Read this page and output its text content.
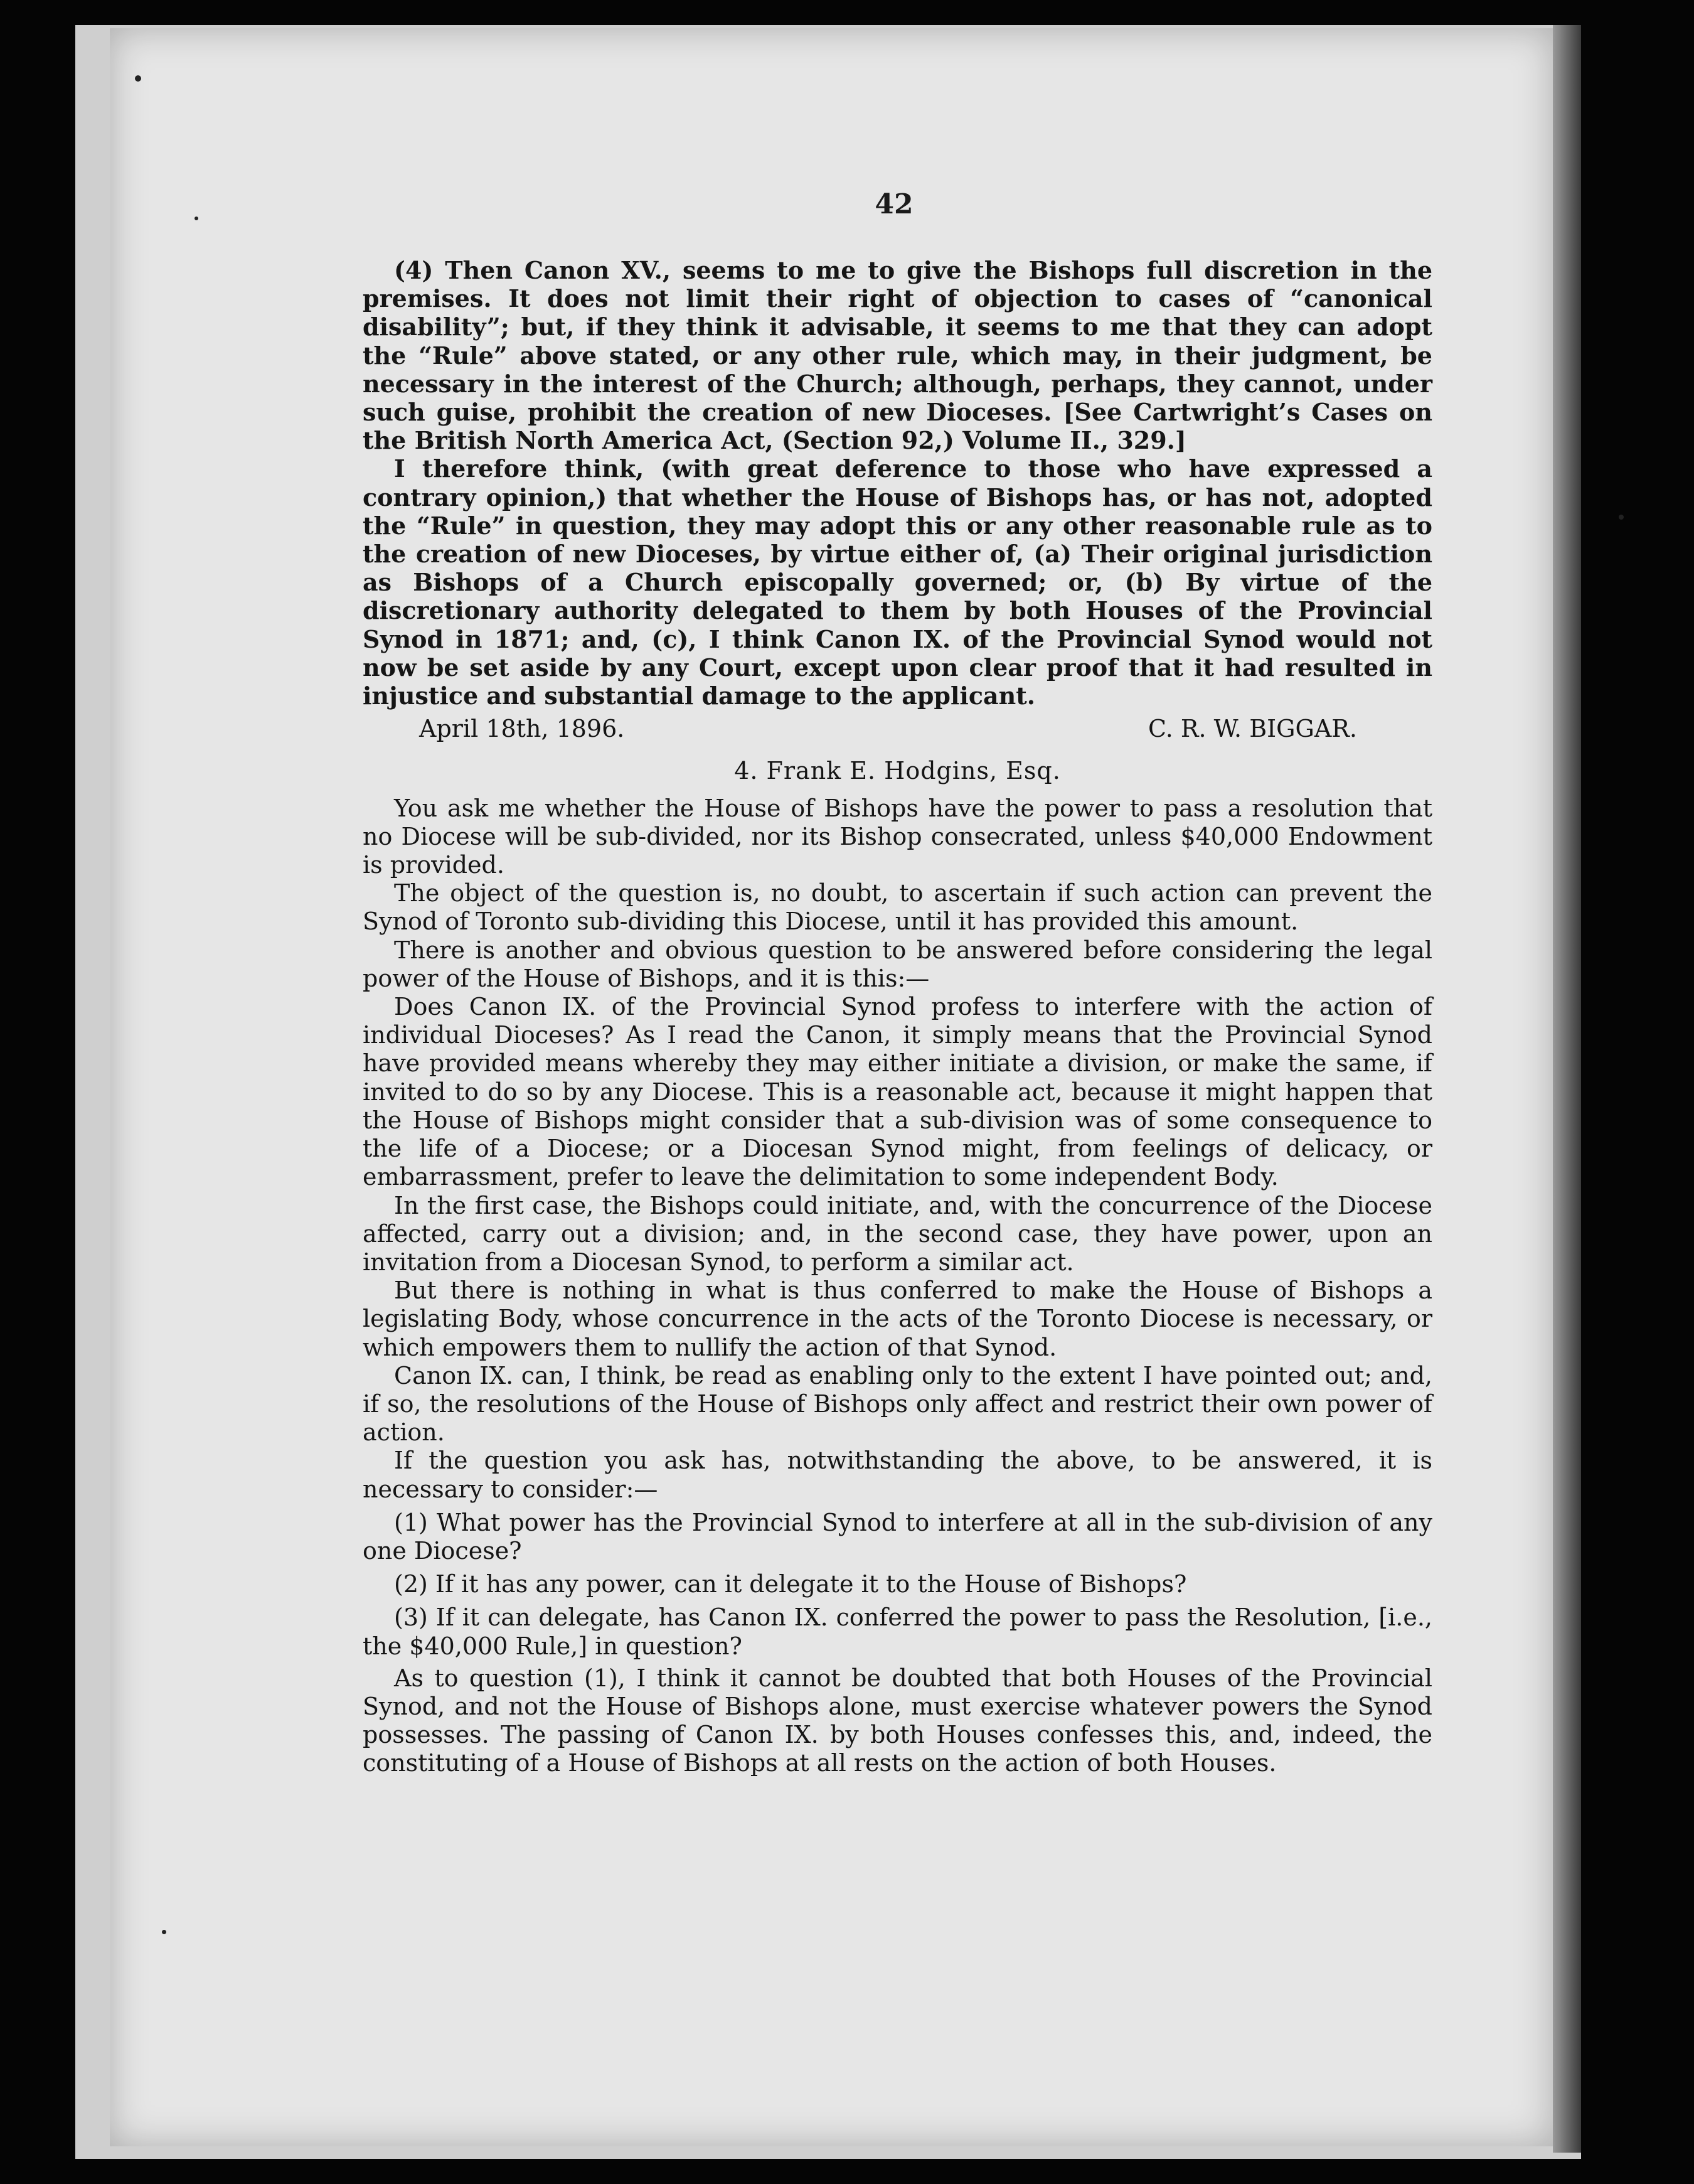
42

(4) Then Canon XV., seems to me to give the Bishops full discretion in the premises. It does not limit their right of objection to cases of “canonical disability”; but, if they think it advisable, it seems to me that they can adopt the “Rule” above stated, or any other rule, which may, in their judgment, be necessary in the interest of the Church; although, perhaps, they cannot, under such guise, prohibit the creation of new Dioceses. [See Cartwright’s Cases on the British North America Act, (Section 92,) Volume II., 329.]

I therefore think, (with great deference to those who have expressed a contrary opinion,) that whether the House of Bishops has, or has not, adopted the “Rule” in question, they may adopt this or any other reasonable rule as to the creation of new Dioceses, by virtue either of, (a) Their original jurisdiction as Bishops of a Church episcopally governed; or, (b) By virtue of the discretionary authority delegated to them by both Houses of the Provincial Synod in 1871; and, (c), I think Canon IX. of the Provincial Synod would not now be set aside by any Court, except upon clear proof that it had resulted in injustice and substantial damage to the applicant.

April 18th, 1896.	C. R. W. BIGGAR.
4. Frank E. Hodgins, Esq.

You ask me whether the House of Bishops have the power to pass a resolution that no Diocese will be sub-divided, nor its Bishop consecrated, unless $40,000 Endowment is provided.

The object of the question is, no doubt, to ascertain if such action can prevent the Synod of Toronto sub-dividing this Diocese, until it has provided this amount.

There is another and obvious question to be answered before considering the legal power of the House of Bishops, and it is this:—

Does Canon IX. of the Provincial Synod profess to interfere with the action of individual Dioceses? As I read the Canon, it simply means that the Provincial Synod have provided means whereby they may either initiate a division, or make the same, if invited to do so by any Diocese. This is a reasonable act, because it might happen that the House of Bishops might consider that a sub-division was of some consequence to the life of a Diocese; or a Diocesan Synod might, from feelings of delicacy, or embarrassment, prefer to leave the delimitation to some independent Body.

In the first case, the Bishops could initiate, and, with the concurrence of the Diocese affected, carry out a division; and, in the second case, they have power, upon an invitation from a Diocesan Synod, to perform a similar act.

But there is nothing in what is thus conferred to make the House of Bishops a legislating Body, whose concurrence in the acts of the Toronto Diocese is necessary, or which empowers them to nullify the action of that Synod.

Canon IX. can, I think, be read as enabling only to the extent I have pointed out; and, if so, the resolutions of the House of Bishops only affect and restrict their own power of action.

If the question you ask has, notwithstanding the above, to be answered, it is necessary to consider:—

(1) What power has the Provincial Synod to interfere at all in the sub-division of any one Diocese?

(2) If it has any power, can it delegate it to the House of Bishops?

(3) If it can delegate, has Canon IX. conferred the power to pass the Resolution, [i.e., the $40,000 Rule,] in question?

As to question (1), I think it cannot be doubted that both Houses of the Provincial Synod, and not the House of Bishops alone, must exercise whatever powers the Synod possesses. The passing of Canon IX. by both Houses confesses this, and, indeed, the constituting of a House of Bishops at all rests on the action of both Houses.
